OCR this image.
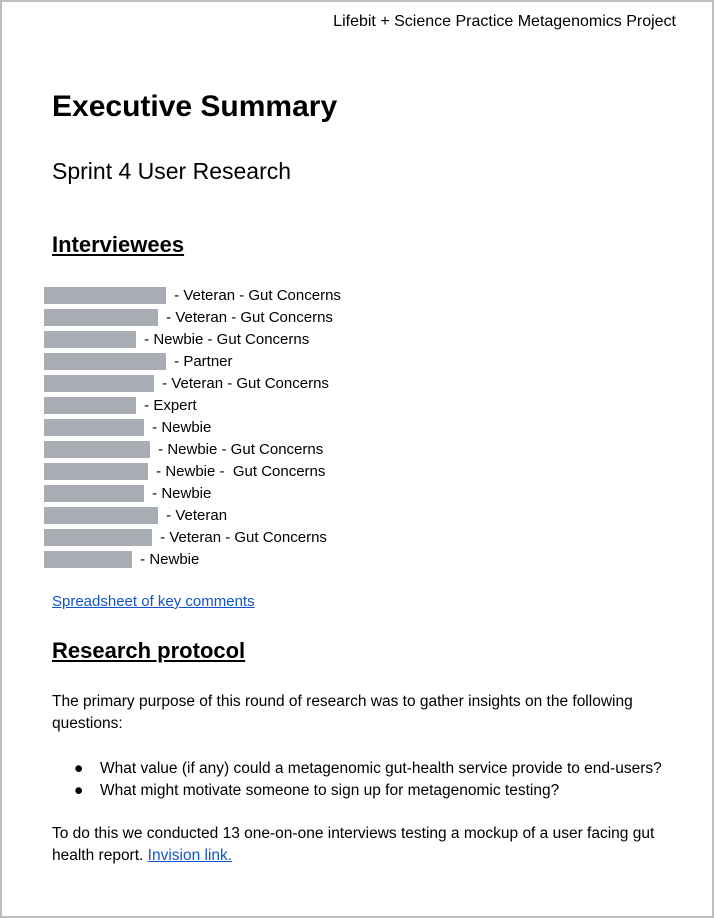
Lifebit + Science Practice Metagenomics Project
Executive Summary
Sprint 4 User Research
Interviewees
- Veteran - Gut Concerns
- Veteran - Gut Concerns
- Newbie - Gut Concerns
- Partner
- Veteran - Gut Concerns
- Expert
- Newbie
- Newbie - Gut Concerns
- Newbie -  Gut Concerns
- Newbie
- Veteran
- Veteran - Gut Concerns
- Newbie
Spreadsheet of key comments
Research protocol

The primary purpose of this round of research was to gather insights on the following questions:

●	What value (if any) could a metagenomic gut-health service provide to end-users?
●	What might motivate someone to sign up for metagenomic testing?

To do this we conducted 13 one-on-one interviews testing a mockup of a user facing gut health report. Invision link.
